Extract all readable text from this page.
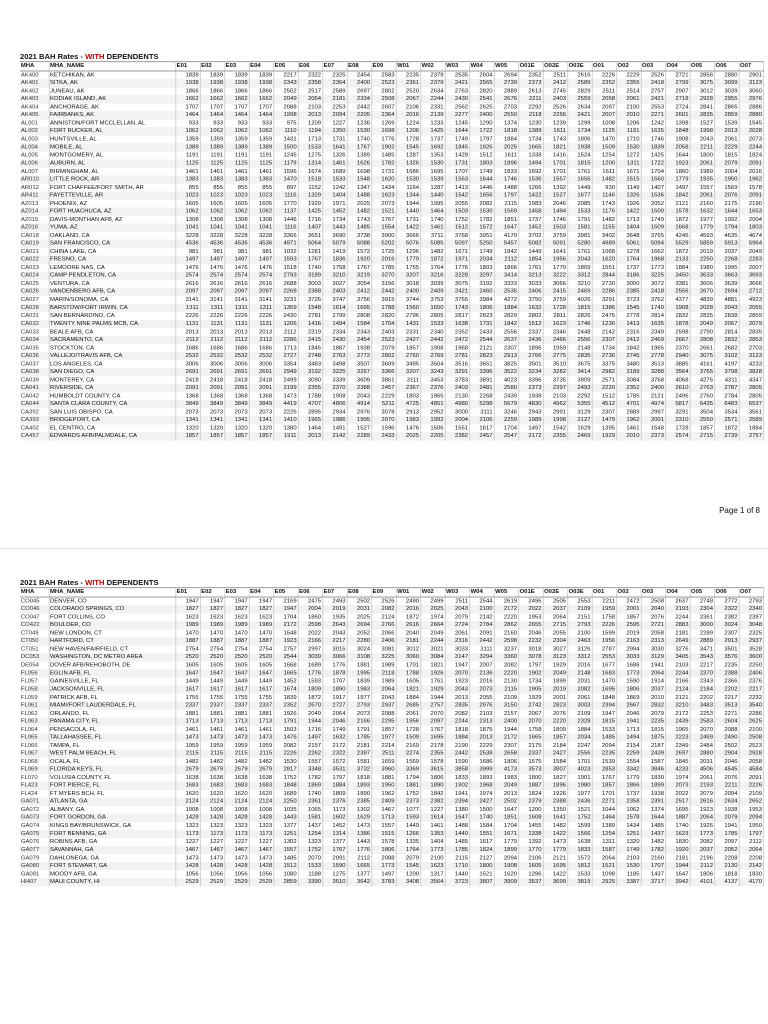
2021 BAH Rates - WITH DEPENDENTS
MHA	MHA_NAME	E01	E02	E03	E04	E05	E06	E07	E08	E09	W01	W02	W03	W04	W05	O01E	O02E	O03E	O01	O02	O03	O04	O05	O06	O07
AK400	KETCHIKAN, AK	1839	1839	1839	1839	2217	2322	2325	2454	2583	2235	2379	2535	2604	2694	2352	2511	2616	2226	2229	2526	2721	2856	2880	2901
AK401	SITKA, AK	1938	1938	1938	1938	2343	2358	2364	2400	2523	2361	2379	2421	2565	2739	2373	2412	2589	2352	2355	2418	2799	3075	3099	3123
AK402	JUNEAU, AK	1866	1866	1866	1866	2502	2517	2589	2697	2802	2520	2634	2763	2820	2889	2613	2745	2829	2511	2514	2757	2907	3012	3039	3060
AK403	KODIAK ISLAND, AK	1662	1662	1662	1662	2049	2064	2181	2334	2508	2067	2244	2430	2541	2676	2211	2403	2559	2058	2061	2421	2718	2928	2955	2976
AK404	ANCHORAGE, AK	1707	1707	1707	1707	2088	2103	2253	2442	2607	2106	2331	2562	2625	2703	2292	2526	2634	2097	2100	2553	2724	2841	2865	2886
AK405	FAIRBANKS, AK	1464	1464	1464	1464	1998	2013	2094	2205	2364	2016	2139	2277	2400	2550	2118	2256	2421	2007	2010	2271	2601	2835	2859	2880
AL001	ANNISTON/FORT MCCLELLAN, AL	933	933	933	933	975	1209	1227	1236	1269	1224	1233	1245	1290	1374	1230	1239	1299	1008	1206	1242	1398	1527	1539	1545
AL002	FORT RUCKER, AL	1062	1062	1062	1062	1110	1194	1350	1530	1698	1206	1425	1644	1722	1818	1389	1611	1734	1125	1191	1635	1848	1998	2013	2028
AL003	HUNTSVILLE, AL	1359	1359	1359	1359	1431	1713	1731	1740	1776	1728	1737	1749	1797	1884	1734	1743	1806	1470	1710	1746	1908	2043	2061	2073
AL004	MOBILE, AL	1389	1389	1389	1389	1500	1533	1641	1767	1902	1545	1692	1845	1926	2025	1665	1821	1938	1509	1530	1839	2058	2211	2229	2244
AL005	MONTGOMERY, AL	1191	1191	1191	1191	1245	1275	1326	1389	1485	1287	1353	1428	1512	1611	1338	1416	1524	1254	1272	1425	1644	1800	1815	1824
AL006	AUBURN, AL	1125	1125	1125	1125	1179	1314	1461	1626	1782	1326	1530	1731	1803	1896	1494	1701	1815	1200	1311	1722	1923	2061	2079	2091
AL007	BIRMINGHAM, AL	1461	1461	1461	1461	1596	1674	1689	1698	1731	1686	1695	1707	1749	1833	1692	1701	1761	1611	1671	1704	1860	1989	2004	2016
AR010	LITTLE ROCK, AR	1383	1383	1383	1383	1470	1518	1533	1548	1620	1530	1539	1563	1644	1746	1536	1557	1656	1482	1515	1560	1779	1935	1950	1962
AR012	FORT CHAFFEE/FORT SMITH, AR	855	855	855	855	897	1152	1242	1347	1434	1164	1287	1413	1446	1488	1266	1392	1449	930	1149	1407	1497	1557	1569	1578
AR411	FAYETTEVILLE, AR	1023	1023	1023	1023	1116	1329	1404	1488	1623	1344	1440	1542	1656	1797	1422	1527	1677	1146	1326	1536	1842	2061	2076	2091
AZ013	PHOENIX, AZ	1605	1605	1605	1605	1770	1929	1971	2025	2073	1944	1995	2055	2082	2115	1983	2046	2085	1743	1926	2052	2121	2160	2175	2190
AZ014	FORT HUACHUCA, AZ	1062	1062	1062	1062	1137	1425	1452	1482	1521	1440	1464	1503	1530	1569	1458	1494	1533	1176	1422	1500	1578	1632	1644	1653
AZ015	DAVIS-MONTHAN AFB, AZ	1308	1308	1308	1308	1446	1716	1734	1743	1767	1731	1740	1752	1782	1851	1737	1746	1791	1482	1713	1749	1872	1977	1992	2004
AZ016	YUMA, AZ	1041	1041	1041	1041	1116	1407	1443	1485	1554	1422	1461	1512	1572	1647	1452	1503	1581	1155	1404	1509	1668	1779	1794	1803
CA018	OAKLAND, CA	3228	3228	3228	3228	3366	3651	3690	3738	3900	3666	3711	3768	3951	4170	3702	3759	3981	3402	3648	3765	4245	4593	4635	4674
CA019	SAN FRANCISCO, CA	4536	4536	4536	4536	4971	5064	5079	5088	5202	5076	5085	5097	5250	5457	5082	5091	5280	4989	5061	5094	5529	5859	5913	5964
CA021	CHINA LAKE, CA	981	981	981	981	1032	1281	1419	1572	1725	1296	1482	1671	1749	1842	1449	1641	1761	1068	1278	1662	1872	2019	2037	2049
CA022	FRESNO, CA	1497	1497	1497	1497	1593	1767	1836	1920	2016	1779	1872	1971	2034	2112	1854	1956	2043	1620	1764	1968	2133	2250	2268	2283
CA023	LEMOORE NAS, CA	1476	1476	1476	1476	1518	1740	1758	1767	1785	1755	1764	1776	1803	1866	1761	1770	1809	1551	1737	1773	1884	1980	1995	2007
CA024	CAMP PENDLETON, CA	2574	2574	2574	2574	2793	3189	3210	3219	3270	3207	3216	3228	3297	3414	3213	3222	3312	2844	3186	3225	3450	3633	3663	3693
CA025	VENTURA, CA	2616	2616	2616	2616	2688	3003	3027	3054	3156	3018	3039	3075	3192	3333	3033	3066	3210	2730	3000	3072	3381	3606	3639	3666
CA026	VANDENBERG AFB, CA	2097	2097	2097	2097	2268	2388	2403	2412	2442	2400	2409	2421	2460	2535	2406	2415	2469	2286	2385	2418	2556	2670	2694	2712
CA027	MARIN/SONOMA, CA	3141	3141	3141	3141	3231	3726	3747	3756	3915	3744	3753	3765	3984	4272	3750	3759	4026	3291	3723	3762	4377	4839	4881	4923
CA028	BARSTOW/FORT IRWIN, CA	1311	1311	1311	1311	1359	1548	1614	1695	1788	1560	1650	1743	1806	1884	1632	1728	1815	1386	1545	1740	1908	2028	2043	2055
CA031	SAN BERNARDINO, CA	2226	2226	2226	2226	2430	2781	2799	2808	2820	2796	2805	2817	2823	2829	2802	2811	2826	2475	2778	2814	2832	2835	2838	2859
CA032	TWENTY NINE PALMS MCB, CA	1131	1131	1131	1131	1206	1416	1494	1584	1704	1431	1533	1638	1731	1842	1512	1623	1746	1236	1413	1635	1878	2049	2067	2079
CA033	BEALE AFB, CA	2013	2013	2013	2013	2112	2319	2334	2343	2403	2331	2340	2352	2433	2556	2337	2346	2448	2142	2316	2349	2598	2790	2814	2835
CA034	SACRAMENTO, CA	2112	2112	2112	2112	2286	2415	2430	2454	2523	2427	2442	2472	2544	2637	2436	2466	2556	2307	2412	2469	2667	2808	2832	2853
CA035	STOCKTON, CA	1686	1686	1686	1686	1713	1845	1887	1938	2079	1857	1908	1968	2121	2307	1896	1959	2148	1734	1842	1965	2370	2661	2682	2703
CA036	VALLEJO/TRAVIS AFB, CA	2532	2532	2532	2532	2727	2748	2763	2772	2802	2760	2769	2781	2823	2913	2766	2775	2835	2736	2745	2778	2940	3075	3102	3123
CA037	LOS ANGELES, CA	3006	3006	3006	3006	3354	3483	3498	3507	3609	3495	3504	3516	3651	3825	3501	3510	3675	3375	3480	3513	3885	4161	4197	4233
CA038	SAN DIEGO, CA	2691	2691	2691	2691	2949	3192	3225	3267	3366	3207	3243	3291	3396	3522	3234	3282	3414	2982	3189	3288	3564	3765	3798	3828
CA039	MONTEREY, CA	2418	2418	2418	2418	2499	3090	3339	3609	3861	3111	3453	3783	3891	4023	3396	3735	3909	2571	3084	3768	4068	4275	4311	4347
CA041	RIVERSIDE, CA	2091	2091	2091	2091	2199	2355	2370	2388	2457	2367	2376	2403	2481	2580	2373	2397	2493	2220	2352	2400	2610	2763	2787	2805
CA042	HUMBOLDT COUNTY, CA	1368	1368	1368	1368	1473	1788	1908	2043	2229	1803	1965	2130	2268	2439	1938	2103	2292	1512	1785	2121	2496	2760	2784	2805
CA044	SANTA CLARA COUNTY, CA	3849	3849	3849	3849	4419	4707	4806	4914	5211	4725	4851	4980	5298	5679	4830	4962	5355	4512	4701	4974	5817	6435	6483	6537
CA392	SAN LUIS OBISPO, CA	2073	2073	2073	2073	2226	2895	2934	2976	3078	2913	2952	3000	3111	3246	2943	2991	3129	2307	2889	2997	3291	3504	3534	3561
CA393	BRIDGEPORT, CA	1341	1341	1341	1341	1410	1965	1986	1995	2070	1983	1992	2004	2106	2259	1989	1998	2127	1479	1962	2001	2310	2550	2571	2589
CA402	EL CENTRO, CA	1320	1320	1320	1320	1380	1464	1491	1527	1596	1476	1506	1551	1617	1704	1497	1542	1629	1395	1461	1548	1728	1857	1872	1884
CA457	EDWARDS AFB/PALMDALE, CA	1857	1857	1857	1857	1911	2013	2142	2289	2433	2025	2205	2382	2457	2547	2172	2355	2469	1929	2010	2373	2574	2715	2739	2757
Page 1 of 8
2021 BAH Rates - WITH DEPENDENTS
MHA	MHA_NAME	E01	E02	E03	E04	E05	E06	E07	E08	E09	W01	W02	W03	W04	W05	O01E	O02E	O03E	O01	O02	O03	O04	O05	O06	O07
CO045	DENVER, CO	1947	1947	1947	1947	2169	2475	2493	2502	2526	2490	2499	2511	2544	2619	2496	2505	2553	2211	2472	2508	2637	2748	2772	2793
CO046	COLORADO SPRINGS, CO	1827	1827	1827	1827	1947	2004	2019	2031	2082	2016	2025	2043	2100	2172	2022	2037	2109	1959	2001	2040	2193	2304	2322	2340
CO047	FORT COLLINS, CO	1623	1623	1623	1623	1704	1860	1935	2025	2124	1872	1974	2079	2142	2220	1953	2064	2151	1758	1857	2076	2244	2361	2382	2397
CO422	BOULDER, CO	1989	1989	1989	1989	2172	2598	2643	2694	2766	2616	2664	2724	2784	2862	2655	2715	2793	2226	2595	2721	2883	3000	3024	3048
CT049	NEW LONDON, CT	1470	1470	1470	1470	1548	2022	2043	2052	2066	2040	2049	2061	2091	2160	2046	2055	2100	1599	2019	2058	2181	2289	2307	2325
CT050	HARTFORD, CT	1887	1887	1887	1887	1923	2166	2217	2280	2406	2181	2244	2316	2442	2598	2232	2304	2463	1956	2163	2313	2649	2889	2913	2937
CT051	NEW HAVEN/FAIRFIELD, CT	2754	2754	2754	2754	2757	2997	3015	3024	3081	3012	3021	3033	3111	3237	3018	3027	3126	2787	2994	3030	3276	3471	3501	3528
DC053	WASHINGTON, DC METRO AREA	2520	2520	2520	2520	2544	3039	3066	3108	3225	3060	3084	3147	3294	3360	3078	3123	3312	2553	3033	3129	3405	3543	3576	3600
DE054	DOVER AFB/REHOBOTH, DE	1605	1605	1605	1605	1668	1689	1776	1881	1989	1701	1821	1947	2007	2082	1797	1929	2016	1677	1686	1941	2103	2217	2235	2250
FL056	EGLIN AFB, FL	1647	1647	1647	1647	1665	1776	1878	1995	2118	1788	1926	2070	2136	2220	1902	2049	2148	1683	1773	2064	2244	2370	2388	2406
FL057	GAINESVILLE, FL	1449	1449	1449	1449	1452	1593	1707	1839	1989	1605	1761	1923	2016	2130	1734	1899	2031	1470	1590	1914	2166	2343	2366	2376
FL058	JACKSONVILLE, FL	1617	1617	1617	1617	1674	1809	1890	1983	2064	1821	1929	2043	2073	2115	1905	2019	2082	1695	1806	2037	2124	2184	2202	2217
FL059	PATRICK AFB, FL	1755	1755	1755	1755	1839	1872	1917	1977	2043	1884	1944	2013	2055	2109	1929	2001	2061	1848	1869	2010	2121	2202	2217	2232
FL061	MIAMI/FORT LAUDERDALE, FL	2337	2337	2337	2337	2352	2670	2727	2793	2937	2685	2757	2835	2976	3150	2742	2823	3003	2394	2667	2832	3210	3483	3513	3540
FL062	ORLANDO, FL	1881	1881	1881	1881	1926	2049	2064	2073	2088	2061	2070	2082	2103	2157	2067	2076	2109	1947	2046	2079	2172	2253	2271	2286
FL063	PANAMA CITY, FL	1713	1713	1713	1713	1791	1944	2046	2166	2295	1956	2097	2244	2313	2400	2070	2220	2328	1815	1941	2235	2439	2583	2604	2625
FL064	PENSACOLA, FL	1461	1461	1461	1461	1503	1716	1749	1791	1857	1728	1767	1818	1875	1944	1758	1809	1884	1533	1713	1815	1965	2070	2088	2100
FL065	TALLAHASSEE, FL	1473	1473	1473	1473	1476	1497	1632	1785	1977	1509	1695	1884	2013	2172	1665	1857	2034	1485	1494	1875	2223	2469	2490	2508
FL066	TAMPA, FL	1959	1959	1959	1959	2082	2157	2172	2181	2214	2169	2178	2190	2229	2307	2175	2184	2247	2094	2154	2187	2349	2484	2502	2523
FL067	WEST PALM BEACH, FL	2115	2115	2115	2115	2226	2262	2322	2397	2511	2274	2355	2442	2538	2658	2337	2427	2556	2235	2259	2439	2697	2880	2904	2928
FL068	OCALA, FL	1482	1482	1482	1482	1530	1557	1572	1581	1659	1569	1578	1590	1686	1806	1575	1584	1701	1539	1554	1587	1845	2031	2046	2058
FL069	FLORIDA KEYS, FL	2679	2679	2679	2679	2817	3348	3531	3732	3960	3369	3615	3858	3999	4173	3573	3807	4023	2853	3342	3846	4233	4506	4545	4584
FL070	VOLUSIA COUNTY, FL	1638	1638	1638	1638	1752	1782	1797	1818	1881	1794	1806	1833	1893	1983	1800	1827	1901	1767	1779	1830	1974	2061	2076	2091
FL423	FORT PIERCE, FL	1683	1683	1683	1683	1848	1869	1884	1893	1950	1881	1890	1902	1968	2049	1887	1896	1980	1857	1866	1899	2073	2193	2211	2226
FL424	FT MYERS BCH, FL	1620	1620	1620	1620	1689	1740	1809	1890	1962	1752	1842	1941	1974	2013	1824	1926	1977	1701	1737	1938	2022	2079	2094	2109
GA071	ATLANTA, GA	2124	2124	2124	2124	2250	2361	2376	2385	2409	2373	2382	2394	2427	2502	2379	2388	2436	2271	2358	2391	2517	2616	2634	2652
GA072	ALBANY, GA	1008	1008	1008	1008	1035	1065	1173	1302	1467	1077	1227	1380	1500	1647	1200	1350	1521	1044	1062	1374	1695	1923	1938	1953
GA073	FORT GORDON, GA	1428	1428	1428	1428	1443	1581	1602	1629	1713	1593	1614	1647	1740	1851	1608	1641	1752	1464	1578	1644	1887	2064	2079	2094
GA074	KINGS BAY/BRUNSWICK, GA	1323	1323	1323	1323	1377	1437	1452	1473	1557	1449	1461	1488	1584	1704	1455	1482	1599	1389	1434	1485	1740	1926	1941	1950
GA075	FORT BENNING, GA	1173	1173	1173	1173	1251	1254	1314	1386	1515	1266	1353	1440	1551	1671	1338	1422	1566	1254	1251	1437	1623	1773	1785	1797
GA076	ROBINS AFB, GA	1227	1227	1227	1227	1302	1323	1377	1443	1578	1335	1404	1485	1617	1779	1392	1473	1638	1311	1320	1482	1830	2082	2097	2112
GA077	SAVANNAH, GA	1467	1467	1467	1467	1557	1752	1767	1776	1806	1764	1773	1785	1824	1899	1770	1779	1833	1587	1749	1782	1920	2037	2052	2064
GA079	DAHLONEGA, GA	1473	1473	1473	1473	1485	2070	2091	2112	2088	2079	2100	2115	2127	2094	2106	2121	1572	2064	2103	2160	2181	2196	2208	2208
GA080	FORT STEWART, GA	1428	1428	1428	1428	1512	1533	1590	1665	1773	1545	1623	1710	1800	1908	1605	1695	1812	1521	1530	1707	1944	2112	2130	2142
GA081	MOODY AFB, GA	1056	1056	1056	1056	1080	1188	1275	1377	1497	1200	1317	1440	1521	1620	1296	1422	1533	1098	1185	1437	1647	1806	1818	1830
HI407	MAUI COUNTY, HI	2529	2529	2529	2529	2859	3390	3510	3642	3783	3408	3564	3723	3807	3909	3537	3699	3819	2925	3387	3717	3942	4101	4137	4170
